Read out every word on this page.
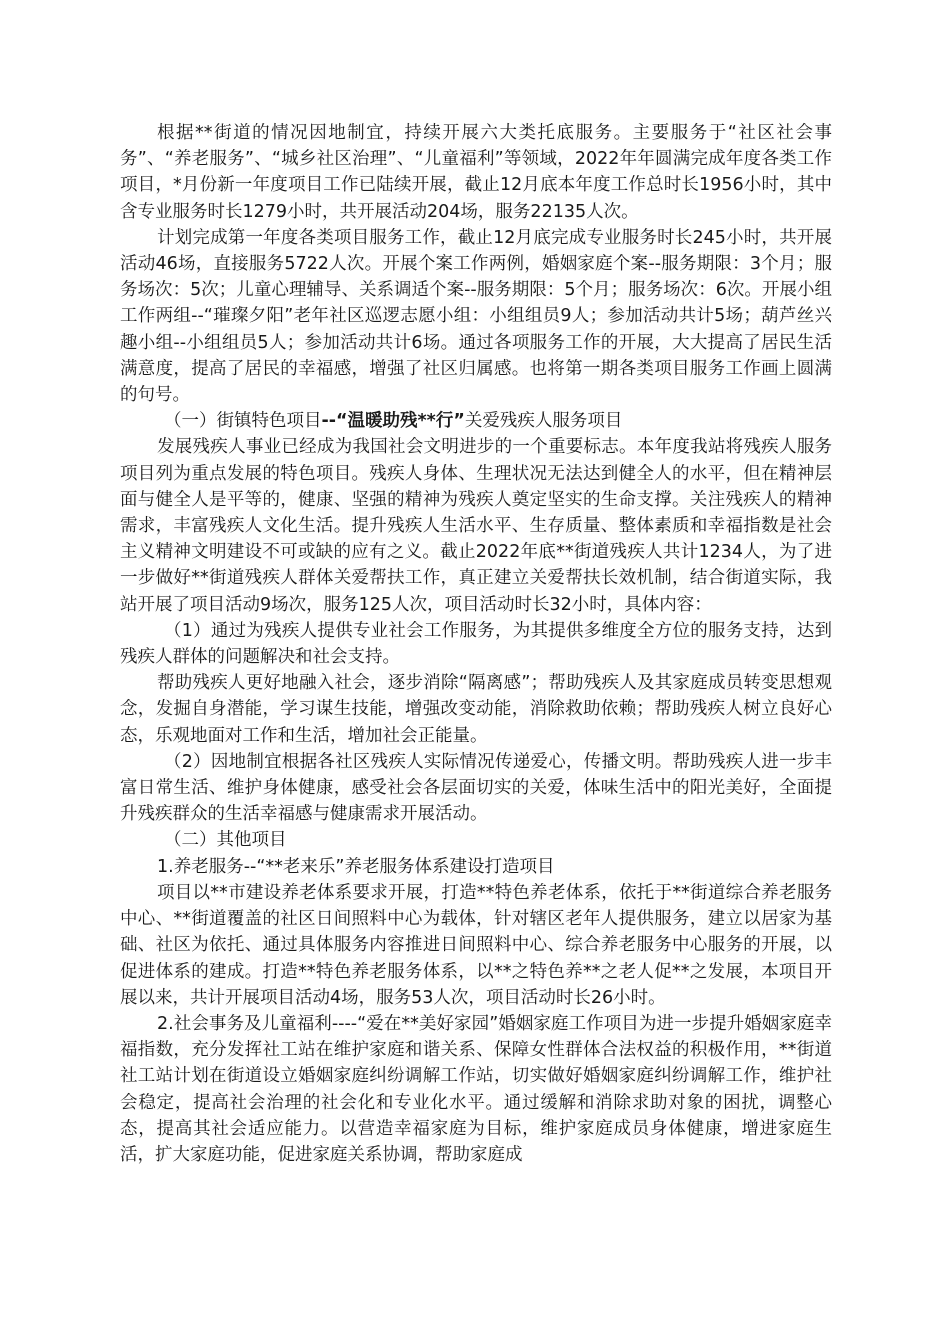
根据**街道的情况因地制宜，持续开展六大类托底服务。主要服务于“社区社会事务”、“养老服务”、“城乡社区治理”、“儿童福利”等领域，2022年年圆满完成年度各类工作项目，*月份新一年度项目工作已陆续开展，截止12月底本年度工作总时长1956小时，其中含专业服务时长1279小时，共开展活动204场，服务22135人次。

计划完成第一年度各类项目服务工作，截止12月底完成专业服务时长245小时，共开展活动46场，直接服务5722人次。开展个案工作两例，婚姻家庭个案--服务期限：3个月；服务场次：5次；儿童心理辅导、关系调适个案--服务期限：5个月；服务场次：6次。开展小组工作两组--“璀璨夕阳”老年社区巡逻志愿小组：小组组员9人；参加活动共计5场；葫芦丝兴趣小组--小组组员5人；参加活动共计6场。通过各项服务工作的开展，大大提高了居民生活满意度，提高了居民的幸福感，增强了社区归属感。也将第一期各类项目服务工作画上圆满的句号。

（一）街镇特色项目--“温暖助残**行”关爱残疾人服务项目

发展残疾人事业已经成为我国社会文明进步的一个重要标志。本年度我站将残疾人服务项目列为重点发展的特色项目。残疾人身体、生理状况无法达到健全人的水平，但在精神层面与健全人是平等的，健康、坚强的精神为残疾人奠定坚实的生命支撑。关注残疾人的精神需求，丰富残疾人文化生活。提升残疾人生活水平、生存质量、整体素质和幸福指数是社会主义精神文明建设不可或缺的应有之义。截止2022年底**街道残疾人共计1234人，为了进一步做好**街道残疾人群体关爱帮扶工作，真正建立关爱帮扶长效机制，结合街道实际，我站开展了项目活动9场次，服务125人次，项目活动时长32小时，具体内容：

（1）通过为残疾人提供专业社会工作服务，为其提供多维度全方位的服务支持，达到残疾人群体的问题解决和社会支持。

帮助残疾人更好地融入社会，逐步消除“隔离感”；帮助残疾人及其家庭成员转变思想观念，发掘自身潜能，学习谋生技能，增强改变动能，消除救助依赖；帮助残疾人树立良好心态，乐观地面对工作和生活，增加社会正能量。

（2）因地制宜根据各社区残疾人实际情况传递爱心，传播文明。帮助残疾人进一步丰富日常生活、维护身体健康，感受社会各层面切实的关爱，体味生活中的阳光美好，全面提升残疾群众的生活幸福感与健康需求开展活动。

（二）其他项目

1.养老服务--“**老来乐”养老服务体系建设打造项目

项目以**市建设养老体系要求开展，打造**特色养老体系，依托于**街道综合养老服务中心、**街道覆盖的社区日间照料中心为载体，针对辖区老年人提供服务，建立以居家为基础、社区为依托、通过具体服务内容推进日间照料中心、综合养老服务中心服务的开展，以促进体系的建成。打造**特色养老服务体系，以**之特色养**之老人促**之发展，本项目开展以来，共计开展项目活动4场，服务53人次，项目活动时长26小时。

2.社会事务及儿童福利----“爱在**美好家园”婚姻家庭工作项目为进一步提升婚姻家庭幸福指数，充分发挥社工站在维护家庭和谐关系、保障女性群体合法权益的积极作用，**街道社工站计划在街道设立婚姻家庭纠纷调解工作站，切实做好婚姻家庭纠纷调解工作，维护社会稳定，提高社会治理的社会化和专业化水平。通过缓解和消除求助对象的困扰，调整心态，提高其社会适应能力。以营造幸福家庭为目标，维护家庭成员身体健康，增进家庭生活，扩大家庭功能，促进家庭关系协调，帮助家庭成
